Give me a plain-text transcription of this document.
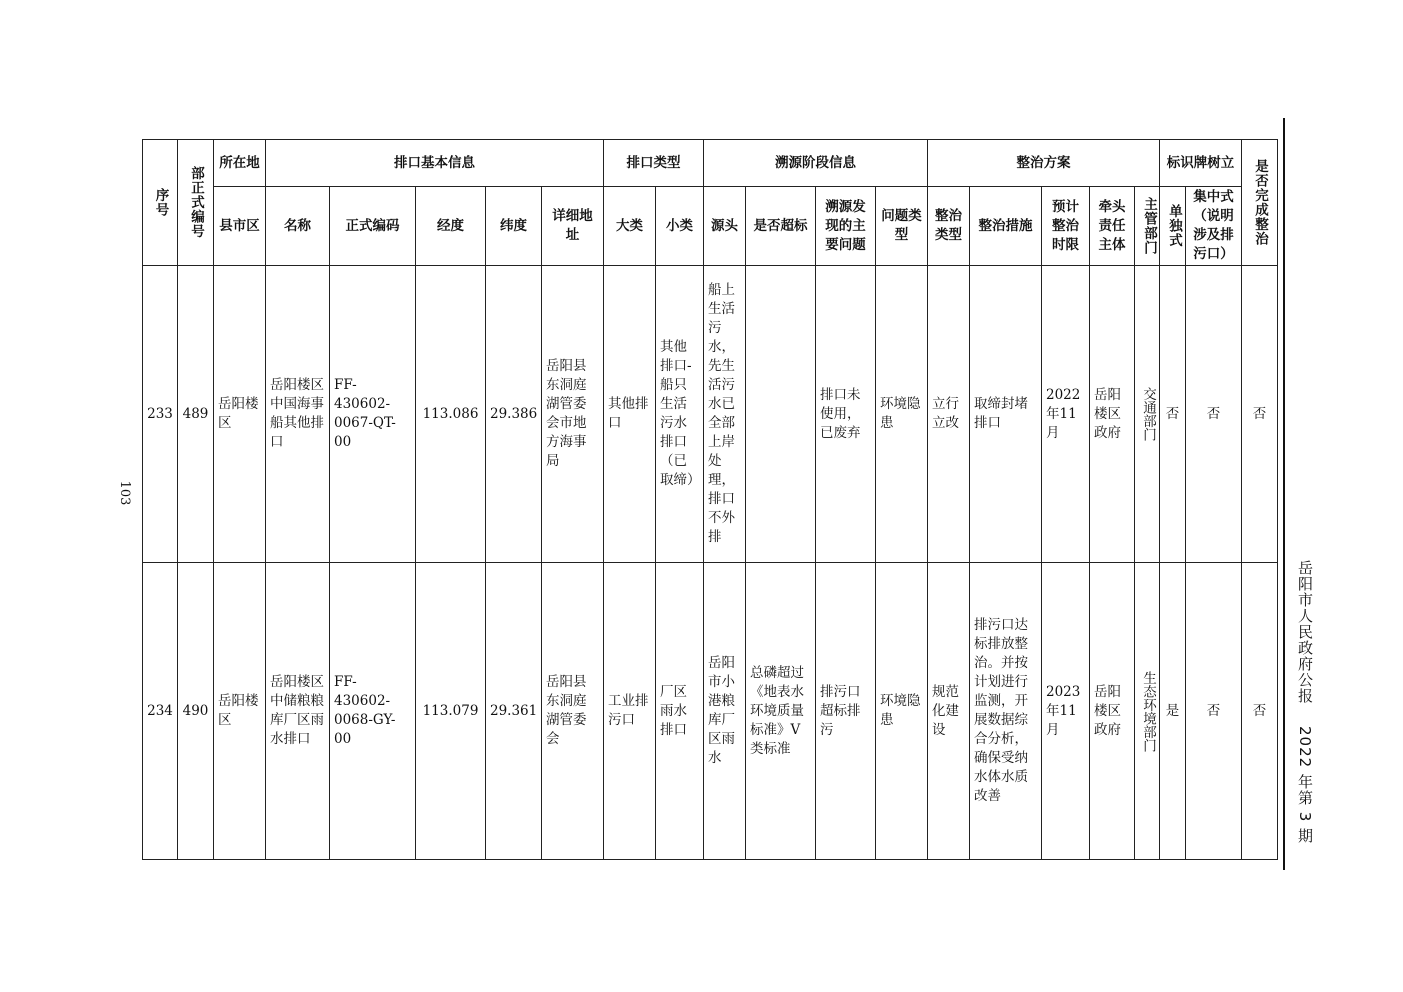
103
岳阳市人民政府公报2022 年第 3 期
序号	部正式编号	所在地	排口基本信息					排口类型		溯源阶段信息				整治方案					标识牌树立		是否完成整治

		县市区	名称	正式编码	经度	纬度	详细地址	大类	小类	源头	是否超标	溯源发现的主要问题	问题类型	整治类型	整治措施	预计整治时限	牵头责任主体	主管部门	单独式	集中式（说明涉及排污口）	
233	489	岳阳楼区	岳阳楼区中国海事船其他排口	FF-430602-0067-QT-00	113.086	29.386	岳阳县东洞庭湖管委会市地方海事局	其他排口	其他排口-船只生活污水排口（已取缔）	船上生活污水，先生活污水已全部上岸处理，排口不外排		排口未使用，已废弃	环境隐患	立行立改	取缔封堵排口	2022年11月	岳阳楼区政府	交通部门	否	否	否
234	490	岳阳楼区	岳阳楼区中储粮粮库厂区雨水排口	FF-430602-0068-GY-00	113.079	29.361	岳阳县东洞庭湖管委会	工业排污口	厂区雨水排口	岳阳市小港粮库厂区雨水	总磷超过《地表水环境质量标准》V类标准	排污口超标排污	环境隐患	规范化建设	排污口达标排放整治。并按计划进行监测，开展数据综合分析，确保受纳水体水质改善	2023年11月	岳阳楼区政府	生态环境部门	是	否	否
